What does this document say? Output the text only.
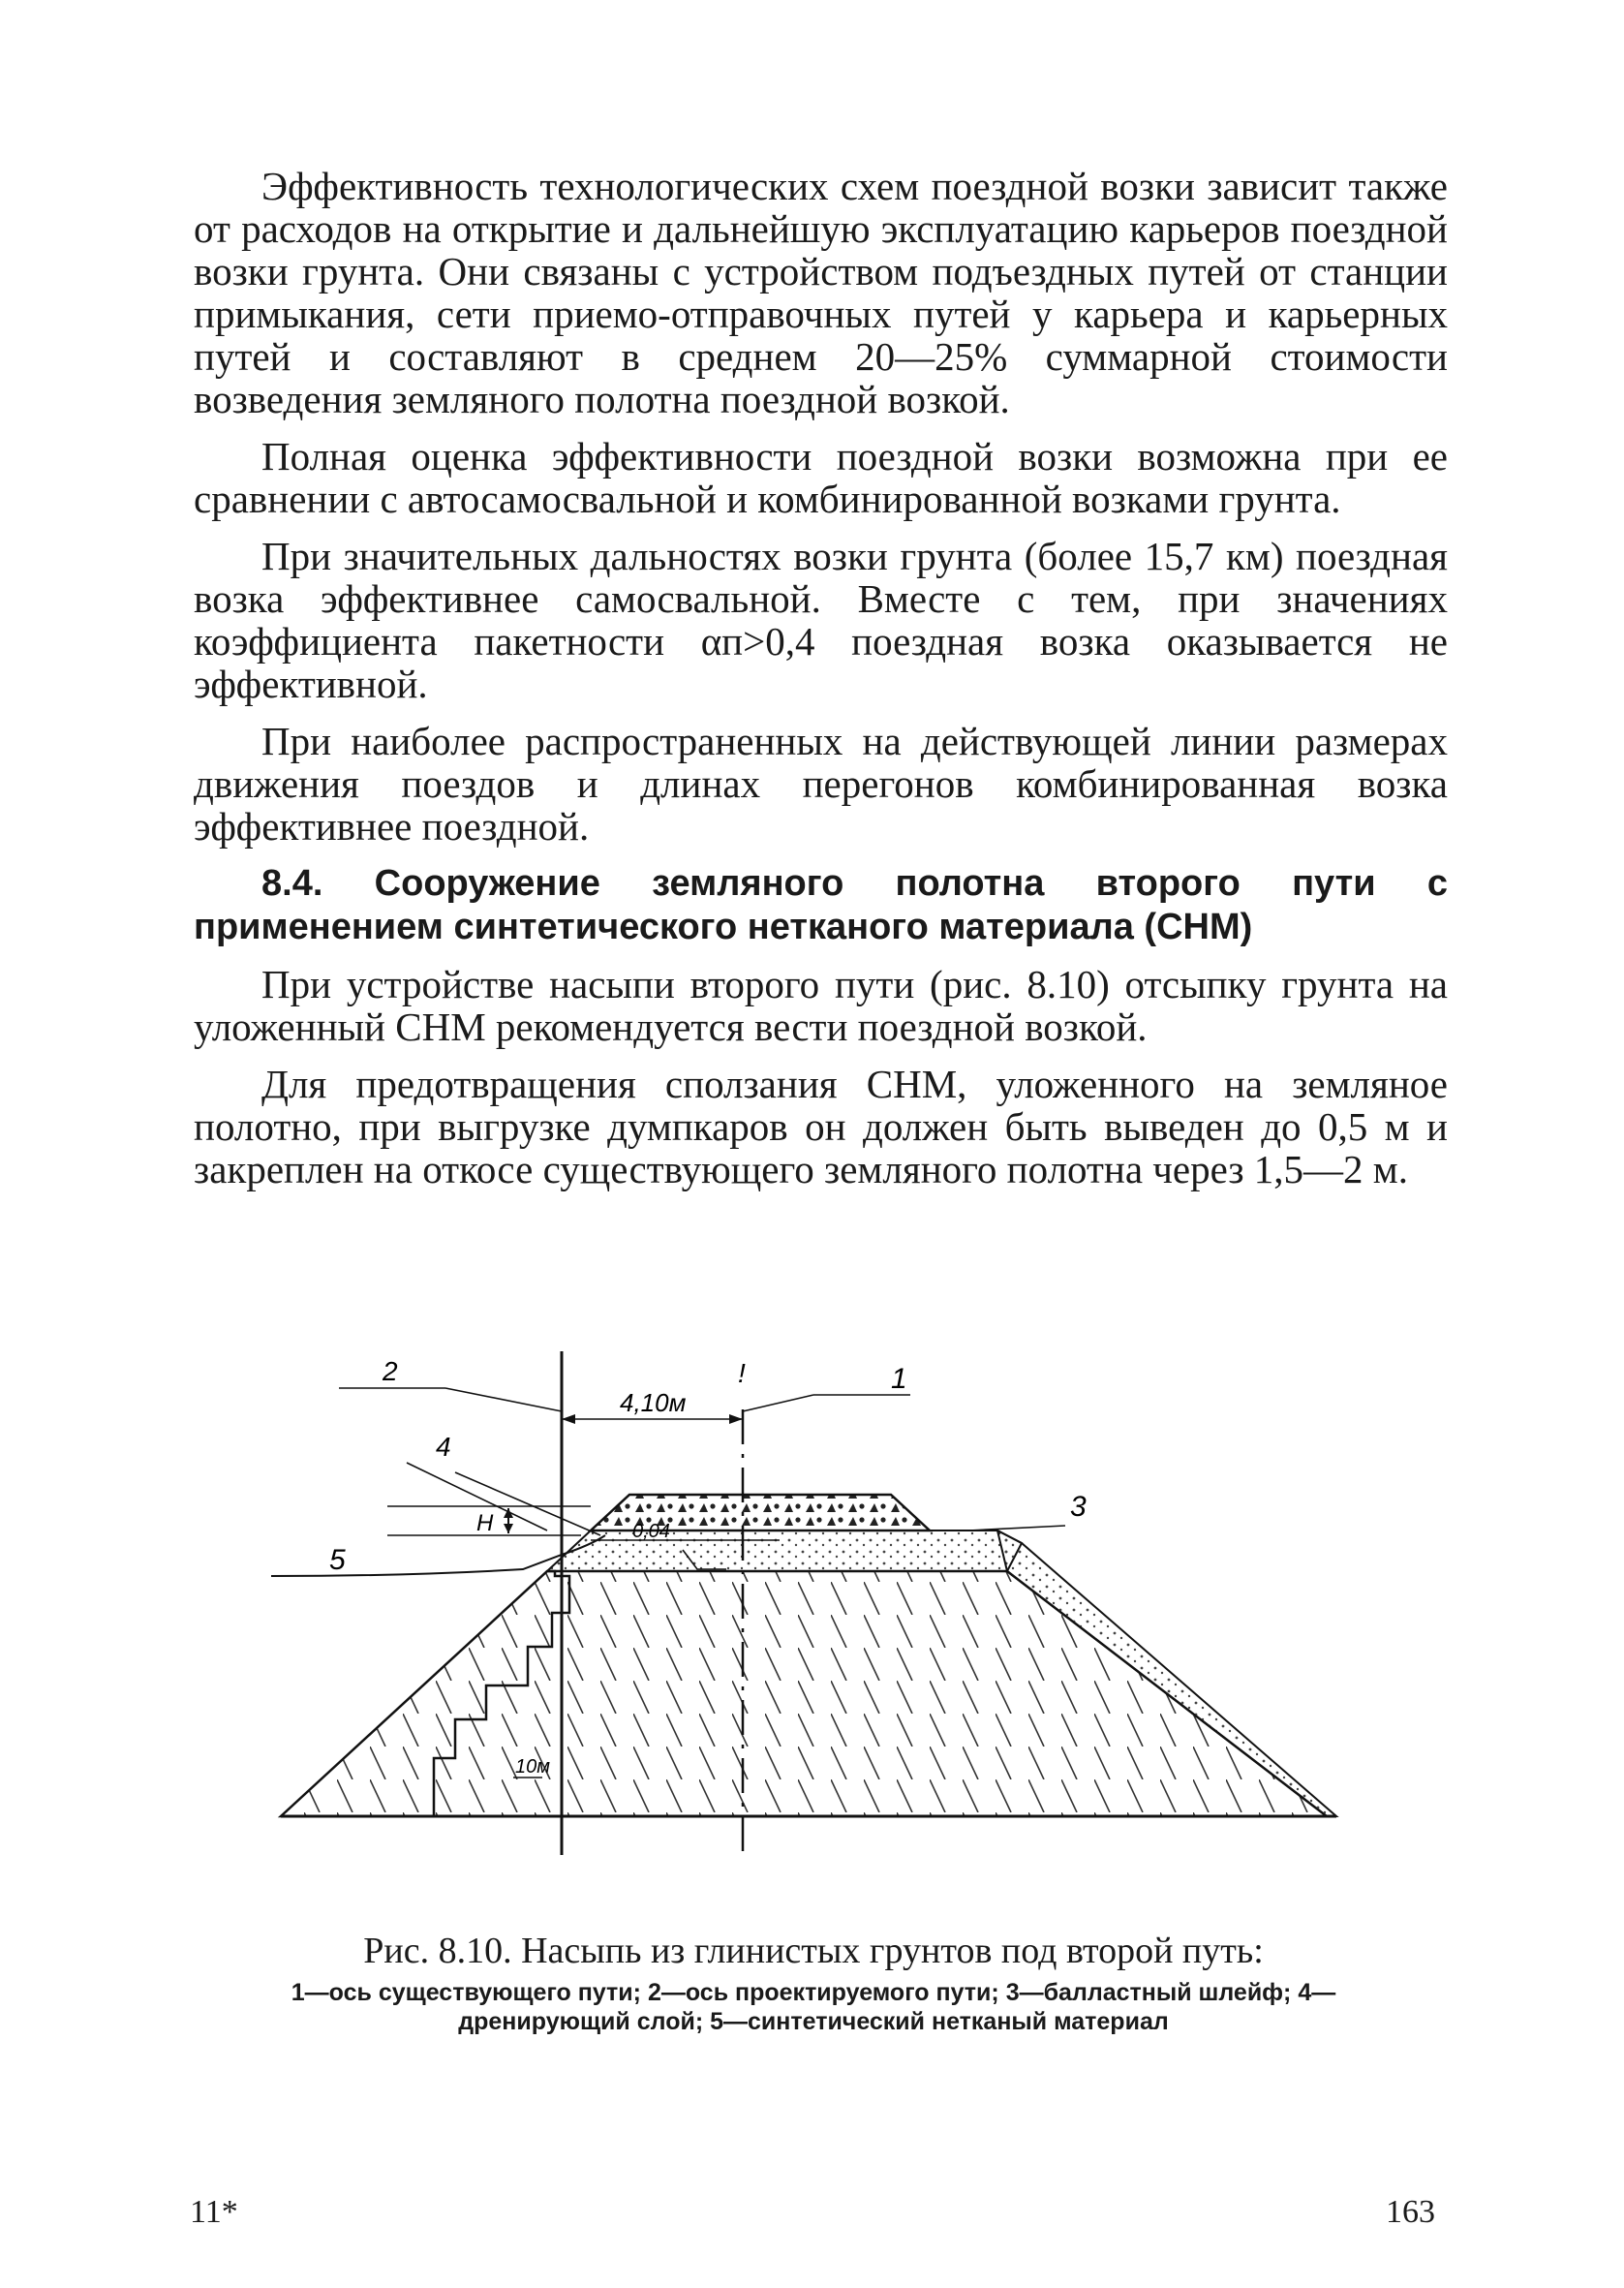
Эффективность технологических схем поездной возки зависит также от расходов на открытие и дальнейшую эксплуатацию карьеров поездной возки грунта. Они связаны с устройством подъездных путей от станции примыкания, сети приемо-отправочных путей у карьера и карьерных путей и составляют в среднем 20—25% суммарной стоимости возведения земляного полотна поездной возкой.

Полная оценка эффективности поездной возки возможна при ее сравнении с автосамосвальной и комбинированной возками грунта.

При значительных дальностях возки грунта (более 15,7 км) поездная возка эффективнее самосвальной. Вместе с тем, при значениях коэффициента пакетности αп>0,4 поездная возка оказывается не эффективной.

При наиболее распространенных на действующей линии размерах движения поездов и длинах перегонов комбинированная возка эффективнее поездной.

8.4. Сооружение земляного полотна второго пути с применением синтетического нетканого материала (СНМ)

При устройстве насыпи второго пути (рис. 8.10) отсыпку грунта на уложенный СНМ рекомендуется вести поездной возкой.

Для предотвращения сползания СНМ, уложенного на земляное полотно, при выгрузке думпкаров он должен быть выведен до 0,5 м и закреплен на откосе существующего земляного полотна через 1,5—2 м.

2	1
!
4,10м
4
3
Н	0,04
5
10м

Рис. 8.10. Насыпь из глинистых грунтов под второй путь:

1—ось существующего пути; 2—ось проектируемого пути; 3—балластный шлейф; 4—дренирующий слой; 5—синтетический нетканый материал

11*	163
